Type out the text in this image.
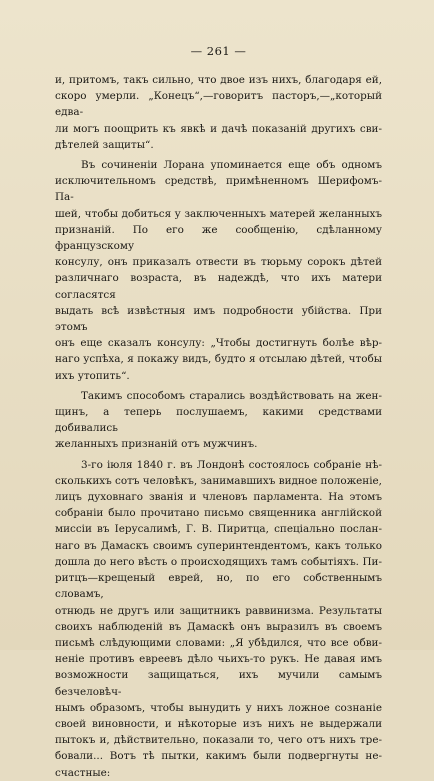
— 261 —
и, притомъ, такъ сильно, что двое изъ нихъ, благодаря ей,
скоро умерли. „Конецъ“,—говоритъ пасторъ,—„который едва-
ли могъ поощрить къ явкѣ и дачѣ показаній другихъ сви-
дѣтелей защиты“.
Въ сочиненіи Лорана упоминается еще объ одномъ
исключительномъ средствѣ, примѣненномъ Шерифомъ-Па-
шей, чтобы добиться у заключенныхъ матерей желанныхъ
признаній. По его же сообщенію, сдѣланному французскому
консулу, онъ приказалъ отвести въ тюрьму сорокъ дѣтей
различнаго возраста, въ надеждѣ, что ихъ матери согласятся
выдать всѣ извѣстныя имъ подробности убійства. При этомъ
онъ еще сказалъ консулу: „Чтобы достигнуть болѣе вѣр-
наго успѣха, я покажу видъ, будто я отсылаю дѣтей, чтобы
ихъ утопить“.
Такимъ способомъ старались воздѣйствовать на жен-
щинъ, а теперь послушаемъ, какими средствами добивались
желанныхъ признаній отъ мужчинъ.
3-го іюля 1840 г. въ Лондонѣ состоялось собраніе нѣ-
сколькихъ сотъ человѣкъ, занимавшихъ видное положеніе,
лицъ духовнаго званія и членовъ парламента. На этомъ
собраніи было прочитано письмо священника англійской
миссіи въ Іерусалимѣ, Г. В. Пиритца, спеціально послан-
наго въ Дамаскъ своимъ суперинтендентомъ, какъ только
дошла до него вѣсть о происходящихъ тамъ событіяхъ. Пи-
ритцъ—крещеный еврей, но, по его собственнымъ словамъ,
отнюдь не другъ или защитникъ раввинизма. Результаты
своихъ наблюденій въ Дамаскѣ онъ выразилъ въ своемъ
письмѣ слѣдующими словами: „Я убѣдился, что все обви-
неніе противъ евреевъ дѣло чьихъ-то рукъ. Не давая имъ
возможности защищаться, ихъ мучили самымъ безчеловѣч-
нымъ образомъ, чтобы вынудить у нихъ ложное сознаніе
своей виновности, и нѣкоторые изъ нихъ не выдержали
пытокъ и, дѣйствительно, показали то, чего отъ нихъ тре-
бовали... Вотъ тѣ пытки, какимъ были подвергнуты не-
счастные:
